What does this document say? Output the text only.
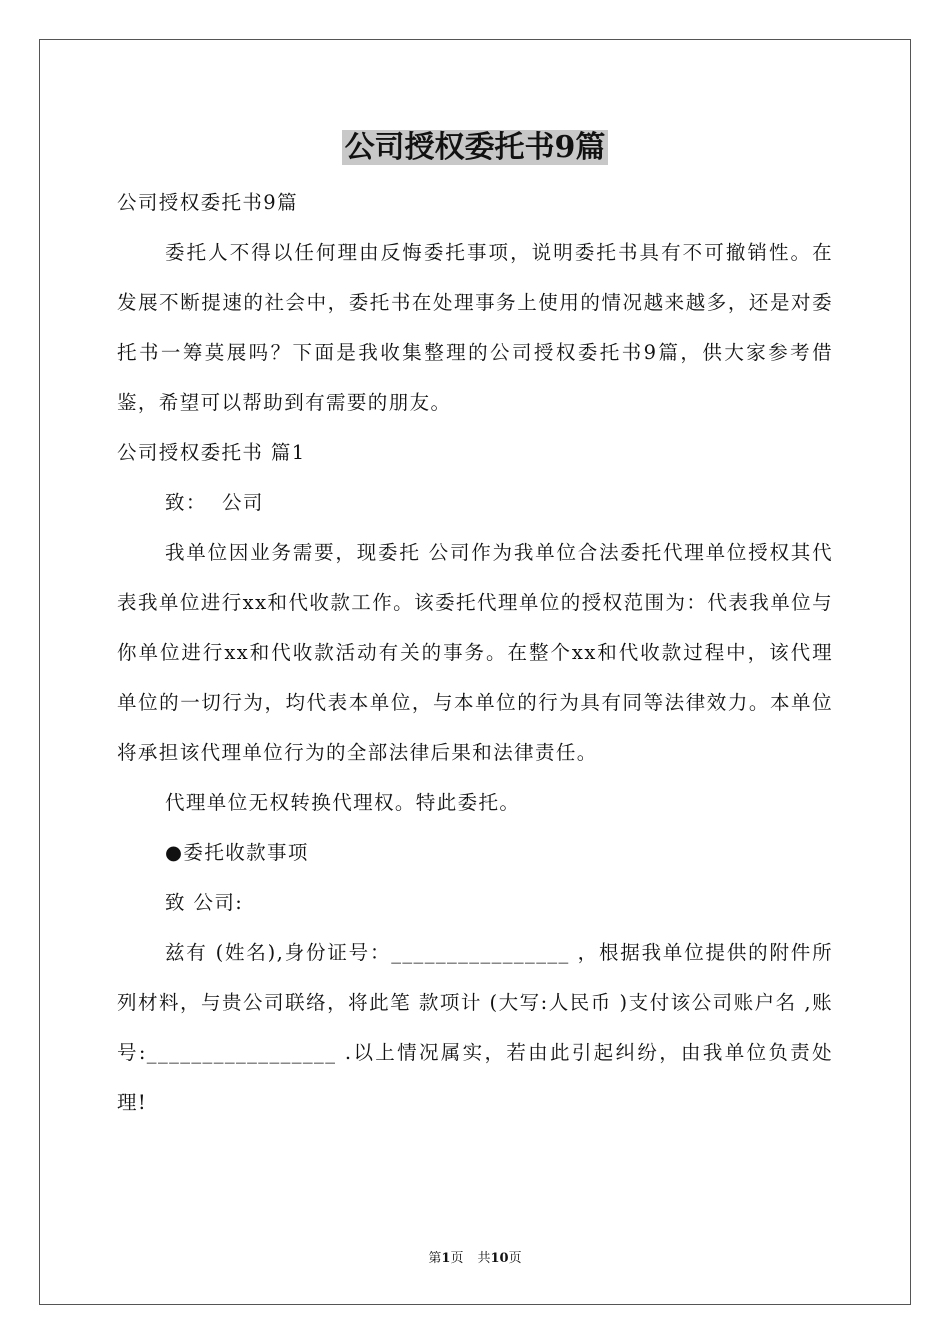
公司授权委托书9篇

公司授权委托书9篇

委托人不得以任何理由反悔委托事项，说明委托书具有不可撤销性。在发展不断提速的社会中，委托书在处理事务上使用的情况越来越多，还是对委托书一筹莫展吗？下面是我收集整理的公司授权委托书9篇，供大家参考借鉴，希望可以帮助到有需要的朋友。

公司授权委托书 篇1

致：  公司

我单位因业务需要，现委托 公司作为我单位合法委托代理单位授权其代表我单位进行xx和代收款工作。该委托代理单位的授权范围为：代表我单位与你单位进行xx和代收款活动有关的事务。在整个xx和代收款过程中，该代理单位的一切行为，均代表本单位，与本单位的行为具有同等法律效力。本单位将承担该代理单位行为的全部法律后果和法律责任。

代理单位无权转换代理权。特此委托。

●委托收款事项

致 公司:

兹有 (姓名),身份证号：________________ ，根据我单位提供的附件所列材料，与贵公司联络，将此笔 款项计 (大写:人民币 )支付该公司账户名 ,账号:_________________ .以上情况属实，若由此引起纠纷，由我单位负责处理!

第1页 共10页
